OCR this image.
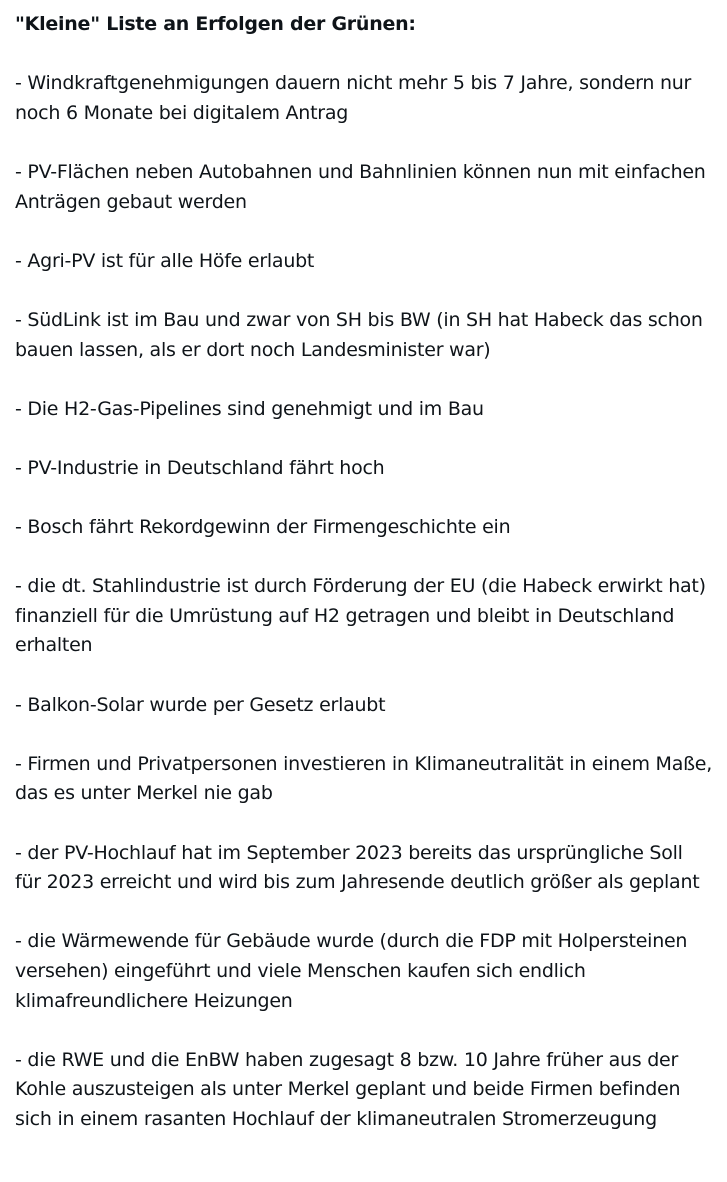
"Kleine" Liste an Erfolgen der Grünen:

- Windkraftgenehmigungen dauern nicht mehr 5 bis 7 Jahre, sondern nur noch 6 Monate bei digitalem Antrag

- PV-Flächen neben Autobahnen und Bahnlinien können nun mit einfachen Anträgen gebaut werden

- Agri-PV ist für alle Höfe erlaubt

- SüdLink ist im Bau und zwar von SH bis BW (in SH hat Habeck das schon bauen lassen, als er dort noch Landesminister war)

- Die H2-Gas-Pipelines sind genehmigt und im Bau

- PV-Industrie in Deutschland fährt hoch

- Bosch fährt Rekordgewinn der Firmengeschichte ein

- die dt. Stahlindustrie ist durch Förderung der EU (die Habeck erwirkt hat) finanziell für die Umrüstung auf H2 getragen und bleibt in Deutschland erhalten

- Balkon-Solar wurde per Gesetz erlaubt

- Firmen und Privatpersonen investieren in Klimaneutralität in einem Maße, das es unter Merkel nie gab

- der PV-Hochlauf hat im September 2023 bereits das ursprüngliche Soll für 2023 erreicht und wird bis zum Jahresende deutlich größer als geplant

- die Wärmewende für Gebäude wurde (durch die FDP mit Holpersteinen versehen) eingeführt und viele Menschen kaufen sich endlich klimafreundlichere Heizungen

- die RWE und die EnBW haben zugesagt 8 bzw. 10 Jahre früher aus der Kohle auszusteigen als unter Merkel geplant und beide Firmen befinden sich in einem rasanten Hochlauf der klimaneutralen Stromerzeugung
